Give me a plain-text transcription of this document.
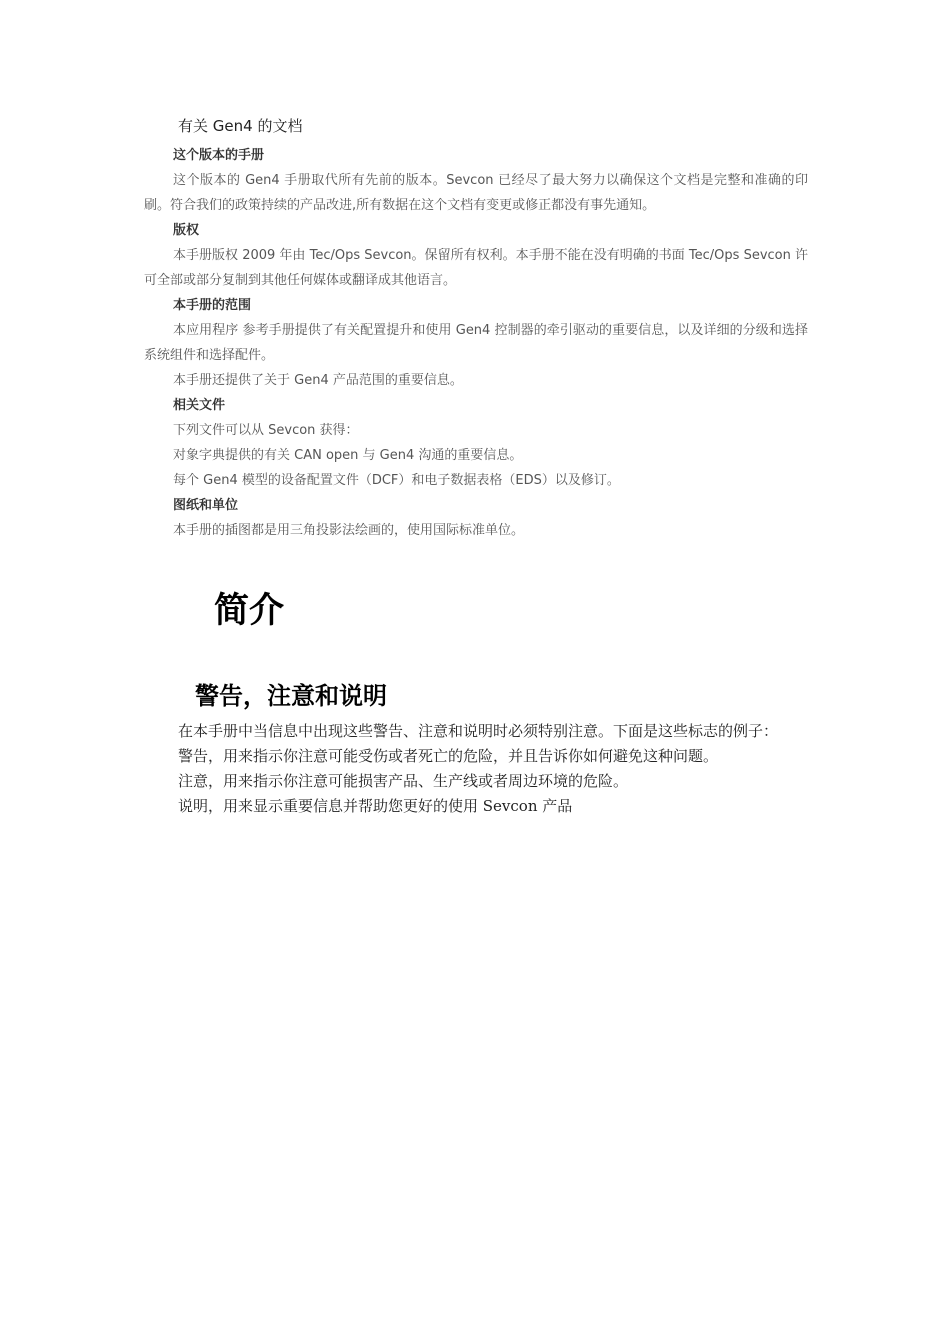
有关 Gen4 的文档
这个版本的手册

这个版本的 Gen4 手册取代所有先前的版本。Sevcon 已经尽了最大努力以确保这个文档是完整和准确的印刷。符合我们的政策持续的产品改进,所有数据在这个文档有变更或修正都没有事先通知。

版权

本手册版权 2009 年由 Tec/Ops Sevcon。保留所有权利。本手册不能在没有明确的书面 Tec/Ops Sevcon 许可全部或部分复制到其他任何媒体或翻译成其他语言。

本手册的范围

本应用程序 参考手册提供了有关配置提升和使用 Gen4 控制器的牵引驱动的重要信息，以及详细的分级和选择系统组件和选择配件。

本手册还提供了关于 Gen4 产品范围的重要信息。

相关文件

下列文件可以从 Sevcon 获得：

对象字典提供的有关 CAN open 与 Gen4 沟通的重要信息。

每个 Gen4 模型的设备配置文件（DCF）和电子数据表格（EDS）以及修订。

图纸和单位

本手册的插图都是用三角投影法绘画的，使用国际标准单位。

简介
警告，注意和说明

在本手册中当信息中出现这些警告、注意和说明时必须特别注意。下面是这些标志的例子：

警告，用来指示你注意可能受伤或者死亡的危险，并且告诉你如何避免这种问题。

注意，用来指示你注意可能损害产品、生产线或者周边环境的危险。

说明，用来显示重要信息并帮助您更好的使用 Sevcon 产品
